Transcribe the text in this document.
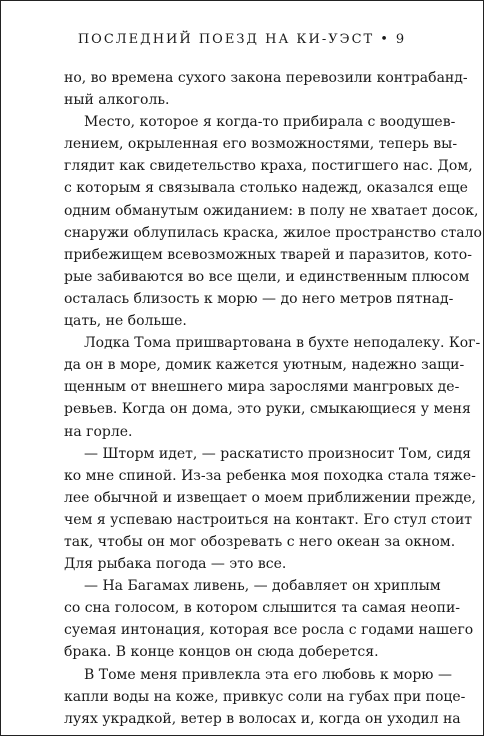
ПОСЛЕДНИЙ ПОЕЗД НА КИ-УЭСТ • 9
но, во времена сухого закона перевозили контрабанд-
ный алкоголь.
Место, которое я когда-то прибирала с воодушев-
лением, окрыленная его возможностями, теперь вы-
глядит как свидетельство краха, постигшего нас. Дом,
с которым я связывала столько надежд, оказался еще
одним обманутым ожиданием: в полу не хватает досок,
снаружи облупилась краска, жилое пространство стало
прибежищем всевозможных тварей и паразитов, кото-
рые забиваются во все щели, и единственным плюсом
осталась близость к морю — до него метров пятнад-
цать, не больше.
Лодка Тома пришвартована в бухте неподалеку. Ког-
да он в море, домик кажется уютным, надежно защи-
щенным от внешнего мира зарослями мангровых де-
ревьев. Когда он дома, это руки, смыкающиеся у меня
на горле.
— Шторм идет, — раскатисто произносит Том, сидя
ко мне спиной. Из-за ребенка моя походка стала тяже-
лее обычной и извещает о моем приближении прежде,
чем я успеваю настроиться на контакт. Его стул стоит
так, чтобы он мог обозревать с него океан за окном.
Для рыбака погода — это все.
— На Багамах ливень, — добавляет он хриплым
со сна голосом, в котором слышится та самая неопи-
суемая интонация, которая все росла с годами нашего
брака. В конце концов он сюда доберется.
В Томе меня привлекла эта его любовь к морю —
капли воды на коже, привкус соли на губах при поце-
луях украдкой, ветер в волосах и, когда он уходил на
